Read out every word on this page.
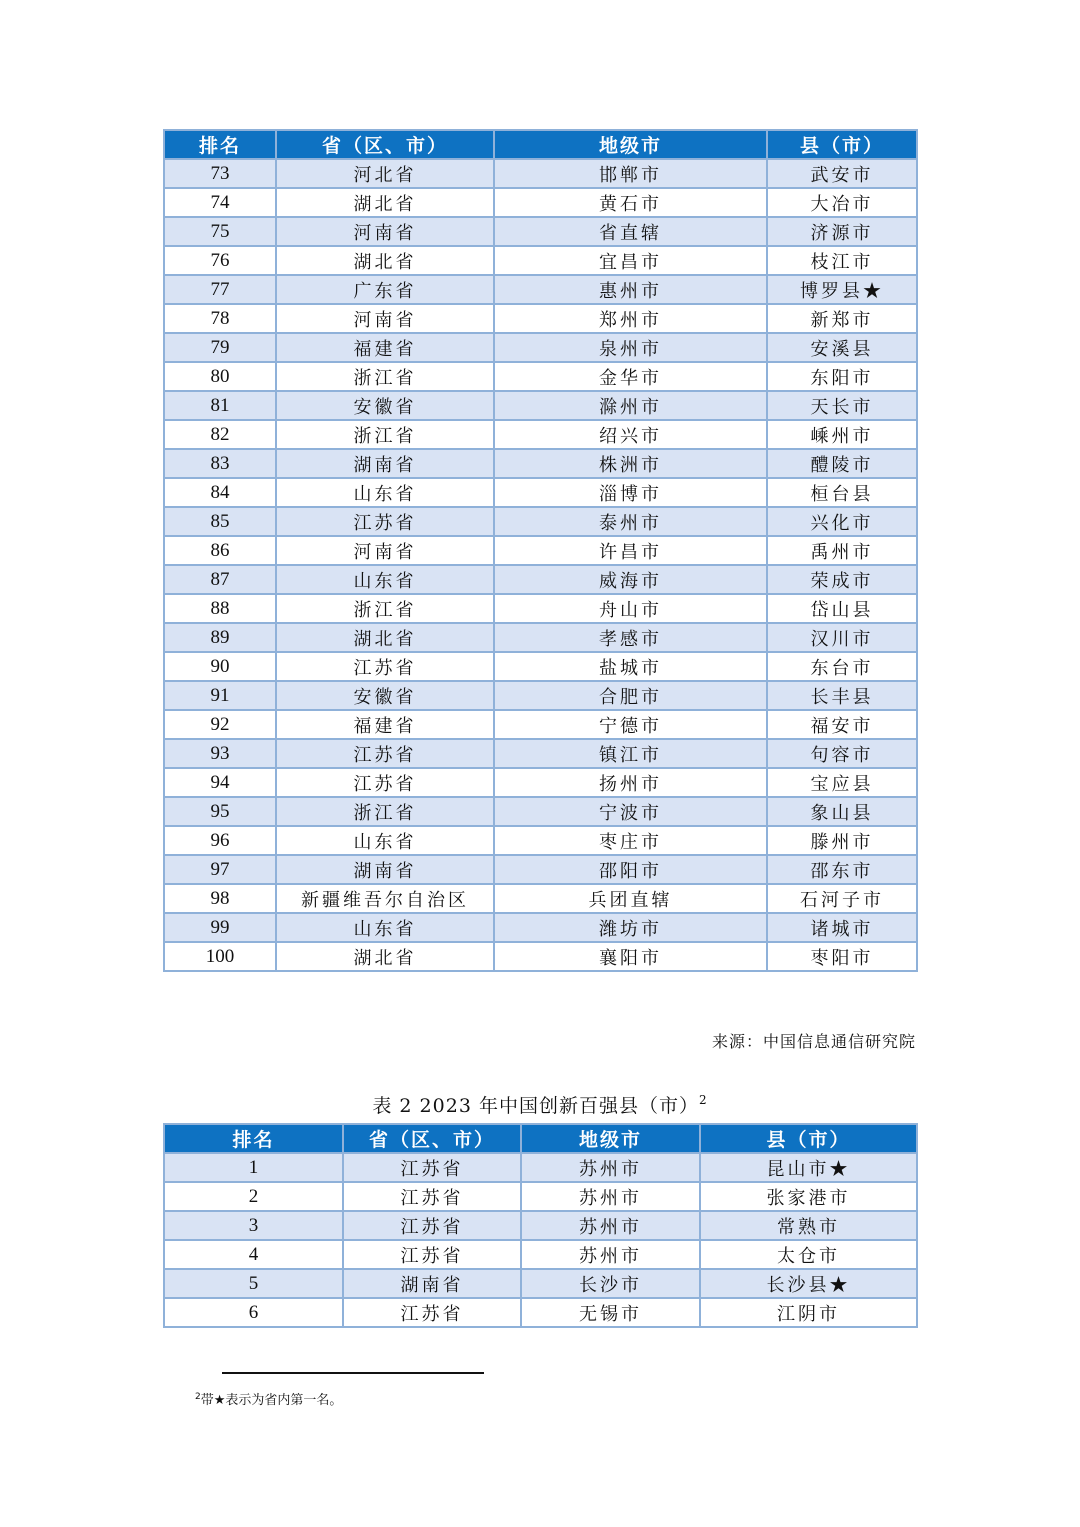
排名	省（区、市）	地级市	县（市）
73	河北省	邯郸市	武安市
74	湖北省	黄石市	大冶市
75	河南省	省直辖	济源市
76	湖北省	宜昌市	枝江市
77	广东省	惠州市	博罗县★
78	河南省	郑州市	新郑市
79	福建省	泉州市	安溪县
80	浙江省	金华市	东阳市
81	安徽省	滁州市	天长市
82	浙江省	绍兴市	嵊州市
83	湖南省	株洲市	醴陵市
84	山东省	淄博市	桓台县
85	江苏省	泰州市	兴化市
86	河南省	许昌市	禹州市
87	山东省	威海市	荣成市
88	浙江省	舟山市	岱山县
89	湖北省	孝感市	汉川市
90	江苏省	盐城市	东台市
91	安徽省	合肥市	长丰县
92	福建省	宁德市	福安市
93	江苏省	镇江市	句容市
94	江苏省	扬州市	宝应县
95	浙江省	宁波市	象山县
96	山东省	枣庄市	滕州市
97	湖南省	邵阳市	邵东市
98	新疆维吾尔自治区	兵团直辖	石河子市
99	山东省	潍坊市	诸城市
100	湖北省	襄阳市	枣阳市
来源：中国信息通信研究院
表 2 2023 年中国创新百强县（市）$^2$
排名	省（区、市）	地级市	县（市）
1	江苏省	苏州市	昆山市★
2	江苏省	苏州市	张家港市
3	江苏省	苏州市	常熟市
4	江苏省	苏州市	太仓市
5	湖南省	长沙市	长沙县★
6	江苏省	无锡市	江阴市
$^2$带★表示为省内第一名。
